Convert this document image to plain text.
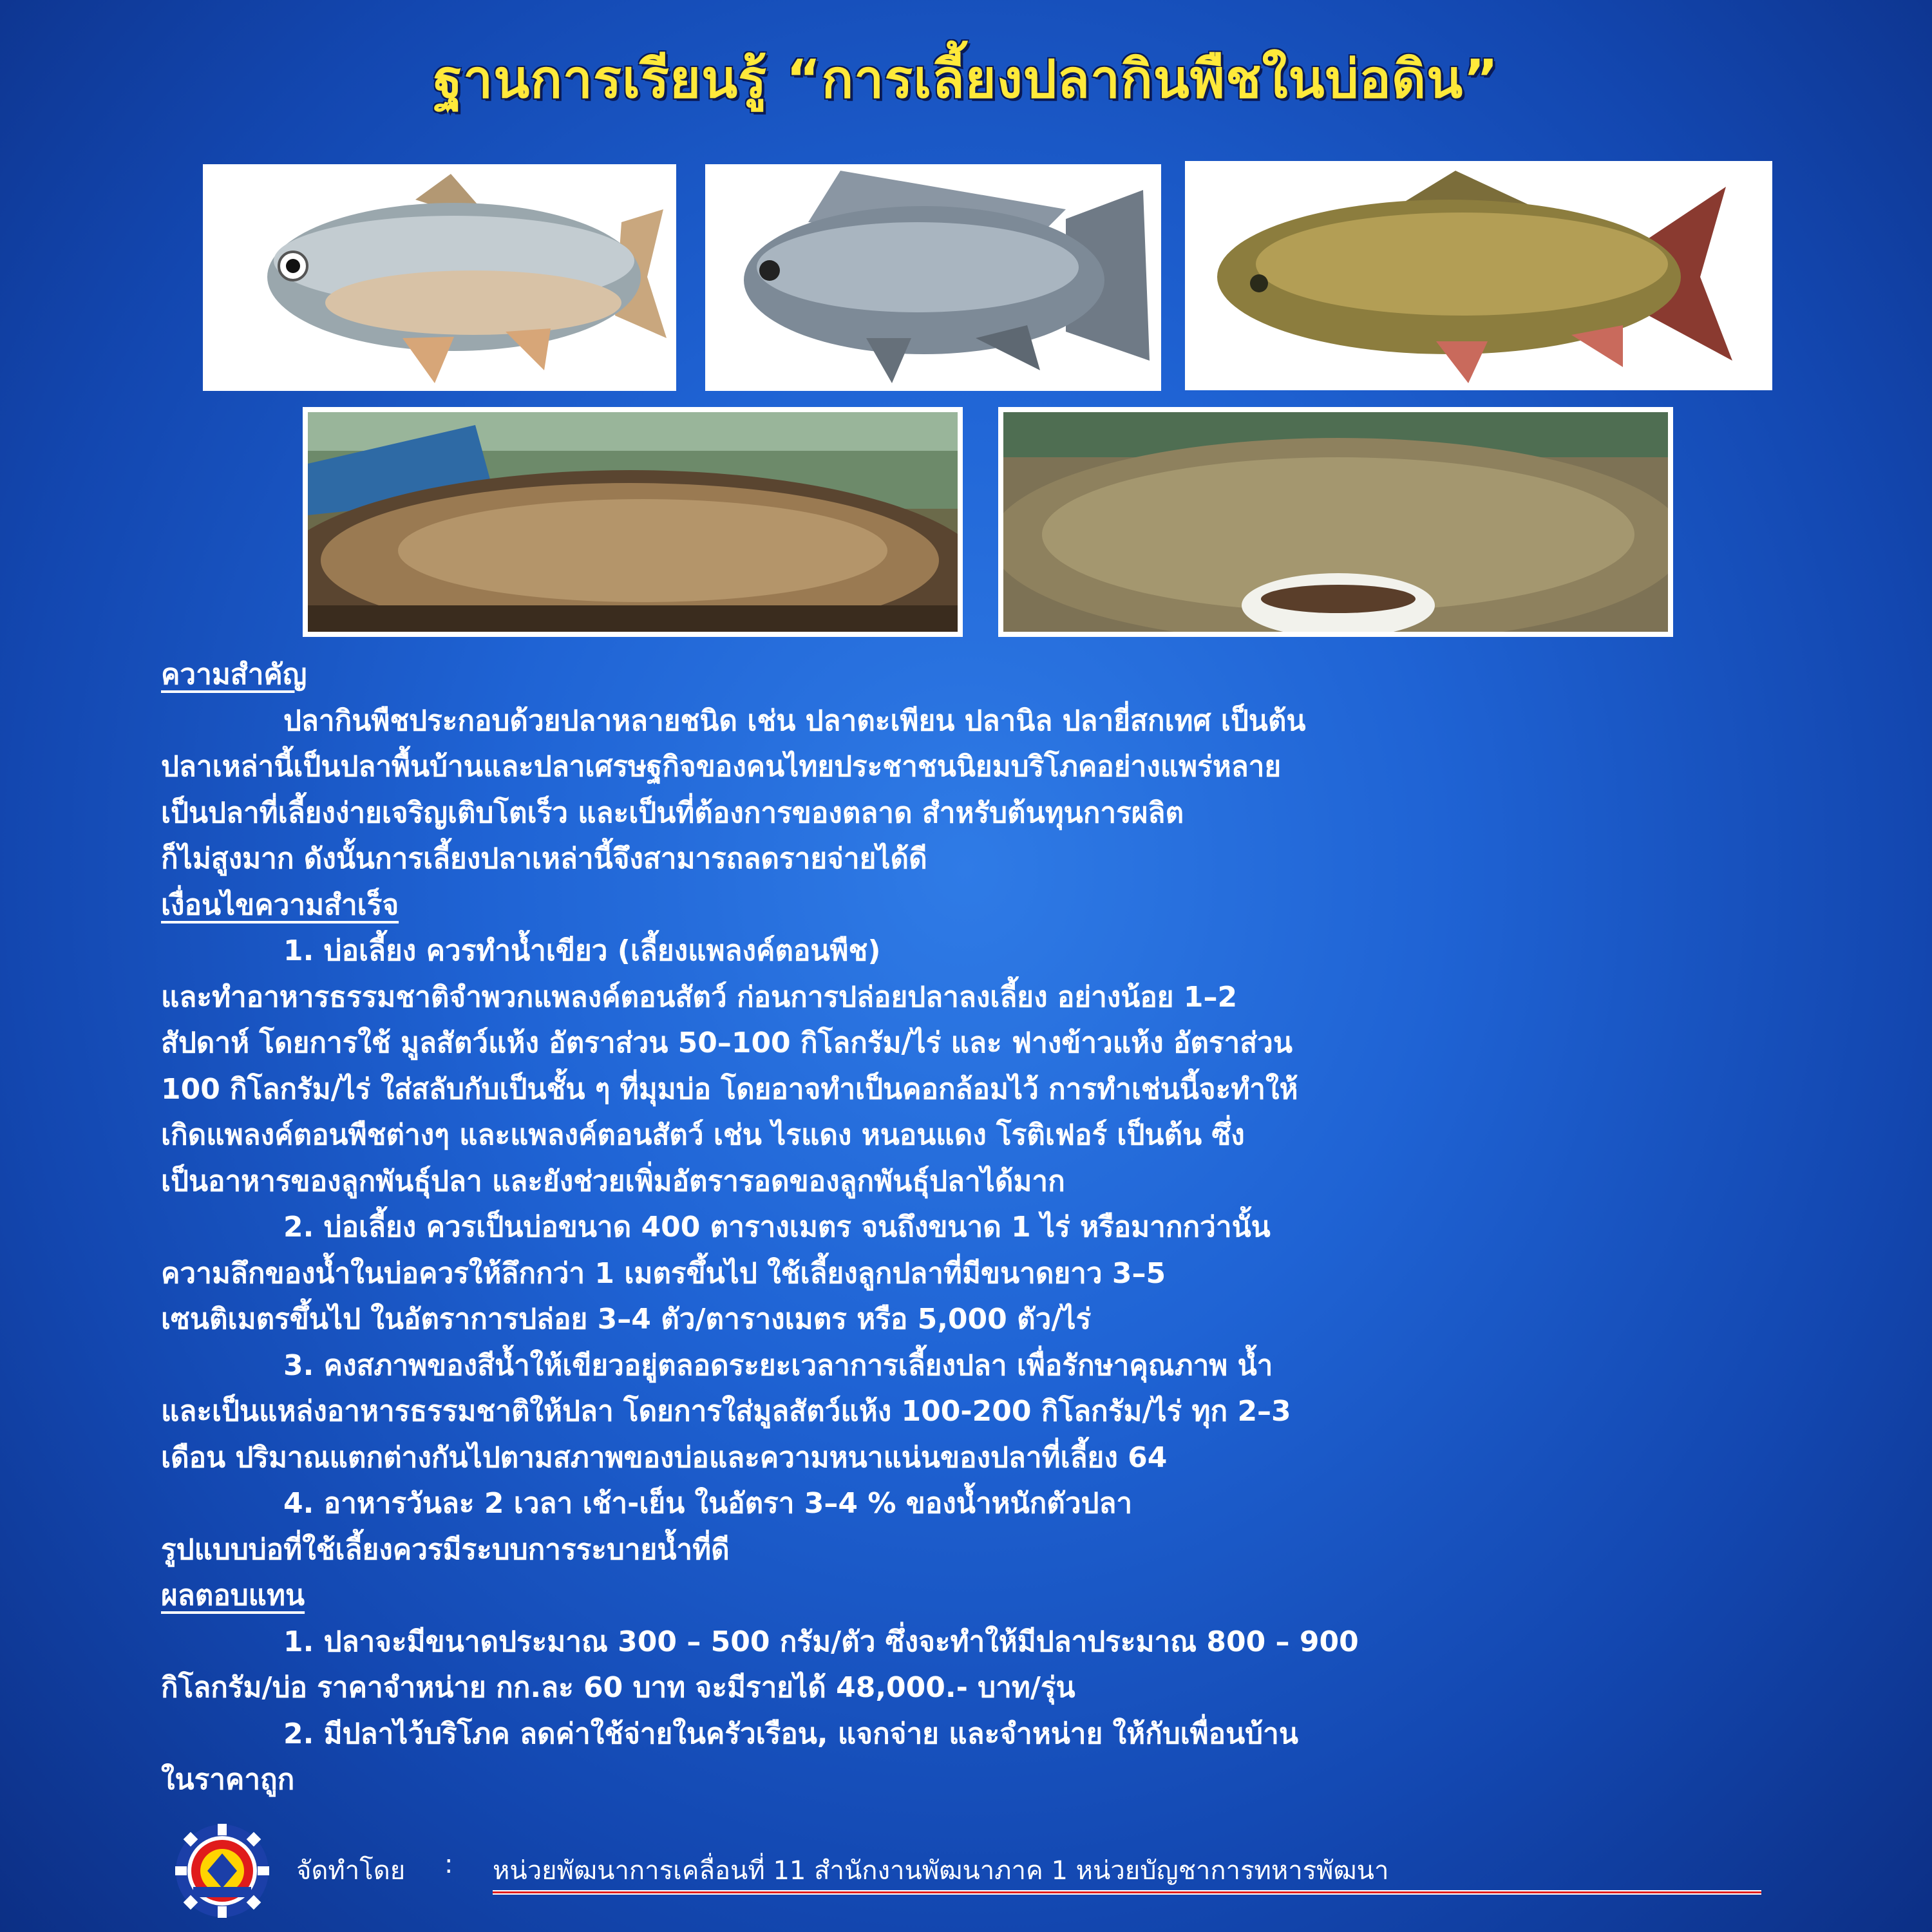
ฐานการเรียนรู้ “การเลี้ยงปลากินพืชในบ่อดิน”

ความสำคัญ

ปลากินพืชประกอบด้วยปลาหลายชนิด เช่น ปลาตะเพียน ปลานิล ปลายี่สกเทศ เป็นต้น

ปลาเหล่านี้เป็นปลาพื้นบ้านและปลาเศรษฐกิจของคนไทยประชาชนนิยมบริโภคอย่างแพร่หลาย

เป็นปลาที่เลี้ยงง่ายเจริญเติบโตเร็ว และเป็นที่ต้องการของตลาด สำหรับต้นทุนการผลิต

ก็ไม่สูงมาก ดังนั้นการเลี้ยงปลาเหล่านี้จึงสามารถลดรายจ่ายได้ดี

เงื่อนไขความสำเร็จ

1. บ่อเลี้ยง ควรทำน้ำเขียว (เลี้ยงแพลงค์ตอนพืช)

และทำอาหารธรรมชาติจำพวกแพลงค์ตอนสัตว์ ก่อนการปล่อยปลาลงเลี้ยง อย่างน้อย 1–2

สัปดาห์ โดยการใช้ มูลสัตว์แห้ง อัตราส่วน 50–100 กิโลกรัม/ไร่ และ ฟางข้าวแห้ง อัตราส่วน

100 กิโลกรัม/ไร่ ใส่สลับกับเป็นชั้น ๆ ที่มุมบ่อ โดยอาจทำเป็นคอกล้อมไว้ การทำเช่นนี้จะทำให้

เกิดแพลงค์ตอนพืชต่างๆ และแพลงค์ตอนสัตว์ เช่น ไรแดง หนอนแดง โรติเฟอร์ เป็นต้น ซึ่ง

เป็นอาหารของลูกพันธุ์ปลา และยังช่วยเพิ่มอัตรารอดของลูกพันธุ์ปลาได้มาก

2. บ่อเลี้ยง ควรเป็นบ่อขนาด 400 ตารางเมตร จนถึงขนาด 1 ไร่ หรือมากกว่านั้น

ความลึกของน้ำในบ่อควรให้ลึกกว่า 1 เมตรขึ้นไป ใช้เลี้ยงลูกปลาที่มีขนาดยาว 3–5

เซนติเมตรขึ้นไป ในอัตราการปล่อย 3–4 ตัว/ตารางเมตร หรือ 5,000 ตัว/ไร่

3. คงสภาพของสีน้ำให้เขียวอยู่ตลอดระยะเวลาการเลี้ยงปลา เพื่อรักษาคุณภาพ น้ำ

และเป็นแหล่งอาหารธรรมชาติให้ปลา โดยการใส่มูลสัตว์แห้ง 100-200 กิโลกรัม/ไร่ ทุก 2–3

เดือน ปริมาณแตกต่างกันไปตามสภาพของบ่อและความหนาแน่นของปลาที่เลี้ยง 64

4. อาหารวันละ 2 เวลา เช้า-เย็น ในอัตรา 3–4 % ของน้ำหนักตัวปลา

รูปแบบบ่อที่ใช้เลี้ยงควรมีระบบการระบายน้ำที่ดี

ผลตอบแทน

1. ปลาจะมีขนาดประมาณ 300 – 500 กรัม/ตัว ซึ่งจะทำให้มีปลาประมาณ 800 – 900

กิโลกรัม/บ่อ ราคาจำหน่าย กก.ละ 60 บาท จะมีรายได้ 48,000.- บาท/รุ่น

2. มีปลาไว้บริโภค ลดค่าใช้จ่ายในครัวเรือน, แจกจ่าย และจำหน่าย ให้กับเพื่อนบ้าน

ในราคาถูก

จัดทำโดย : หน่วยพัฒนาการเคลื่อนที่ 11 สำนักงานพัฒนาภาค 1 หน่วยบัญชาการทหารพัฒนา
